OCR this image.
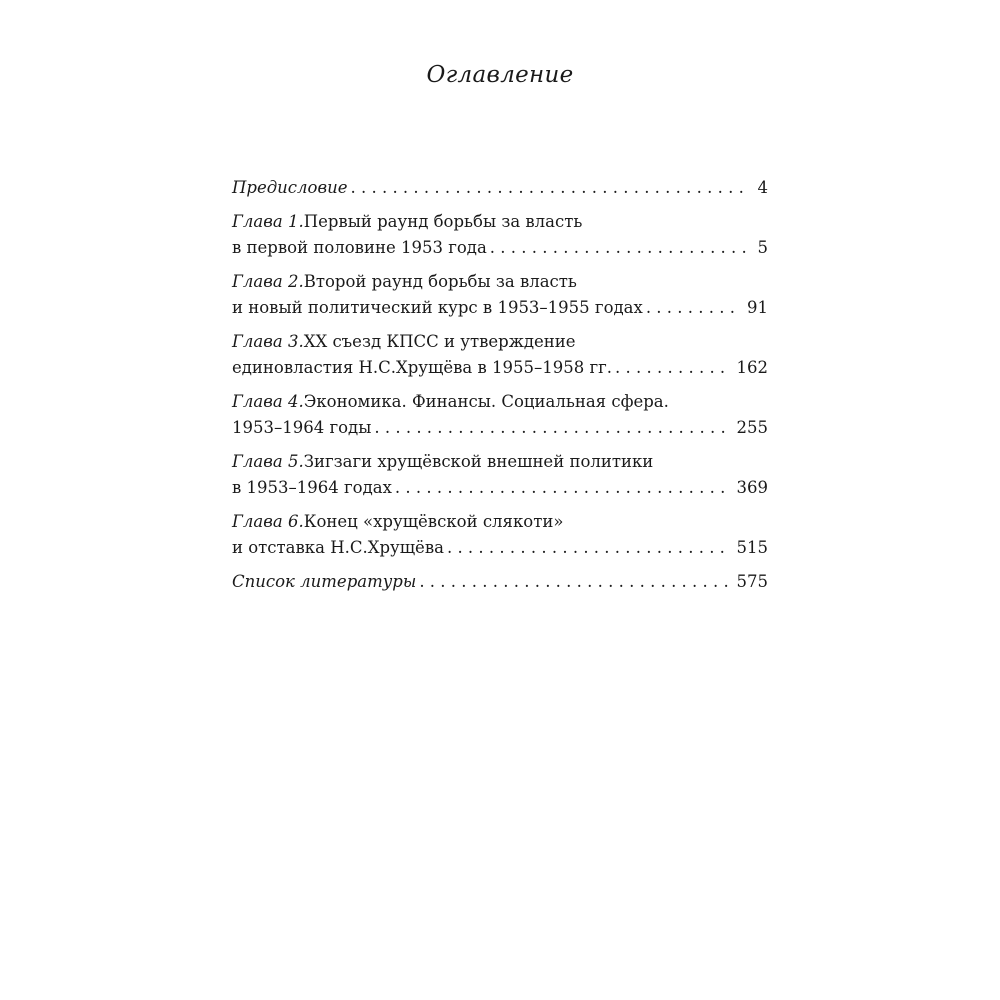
Оглавление
Предисловие . . .	4
Глава 1. Первый раунд борьбы за власть
в первой половине 1953 года . . .	5
Глава 2. Второй раунд борьбы за власть
и новый политический курс в 1953–1955 годах . . .	91
Глава 3. XX съезд КПСС и утверждение
единовластия Н.С.Хрущёва в 1955–1958 гг. . . .	162
Глава 4. Экономика. Финансы. Социальная сфера.
1953–1964 годы . . .	255
Глава 5. Зигзаги хрущёвской внешней политики
в 1953–1964 годах . . .	369
Глава 6. Конец «хрущёвской слякоти»
и отставка Н.С.Хрущёва . . .	515
Список литературы . . .	575
